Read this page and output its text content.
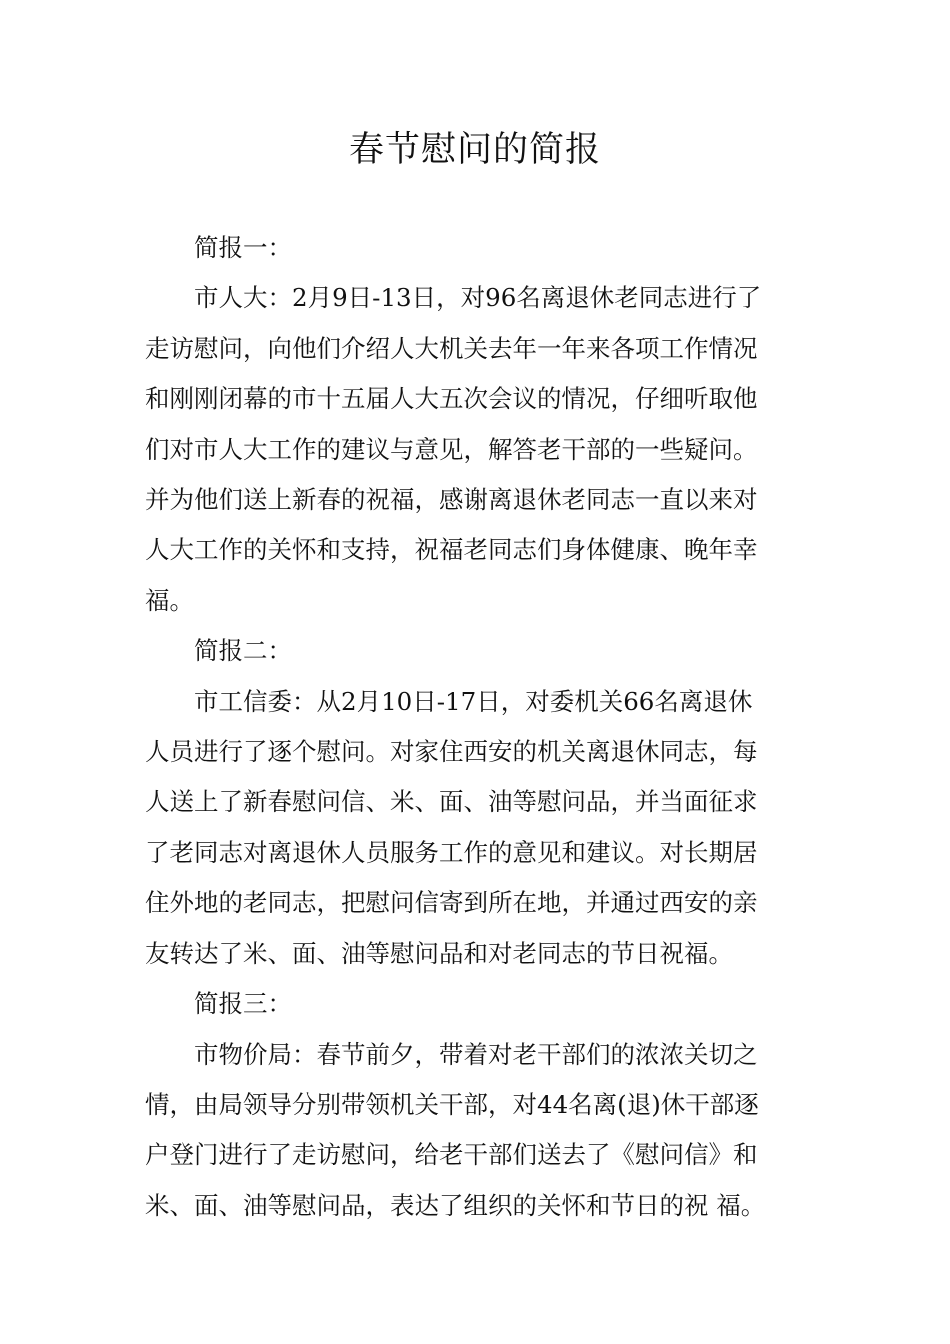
春节慰问的简报

简报一：

市人大：2月9日-13日，对96名离退休老同志进行了
走访慰问，向他们介绍人大机关去年一年来各项工作情况
和刚刚闭幕的市十五届人大五次会议的情况，仔细听取他
们对市人大工作的建议与意见，解答老干部的一些疑问。
并为他们送上新春的祝福，感谢离退休老同志一直以来对
人大工作的关怀和支持，祝福老同志们身体健康、晚年幸
福。

简报二：

市工信委：从2月10日-17日，对委机关66名离退休
人员进行了逐个慰问。对家住西安的机关离退休同志，每
人送上了新春慰问信、米、面、油等慰问品，并当面征求
了老同志对离退休人员服务工作的意见和建议。对长期居
住外地的老同志，把慰问信寄到所在地，并通过西安的亲
友转达了米、面、油等慰问品和对老同志的节日祝福。

简报三：

市物价局：春节前夕，带着对老干部们的浓浓关切之
情，由局领导分别带领机关干部，对44名离(退)休干部逐
户登门进行了走访慰问，给老干部们送去了《慰问信》和
米、面、油等慰问品，表达了组织的关怀和节日的祝 福。
